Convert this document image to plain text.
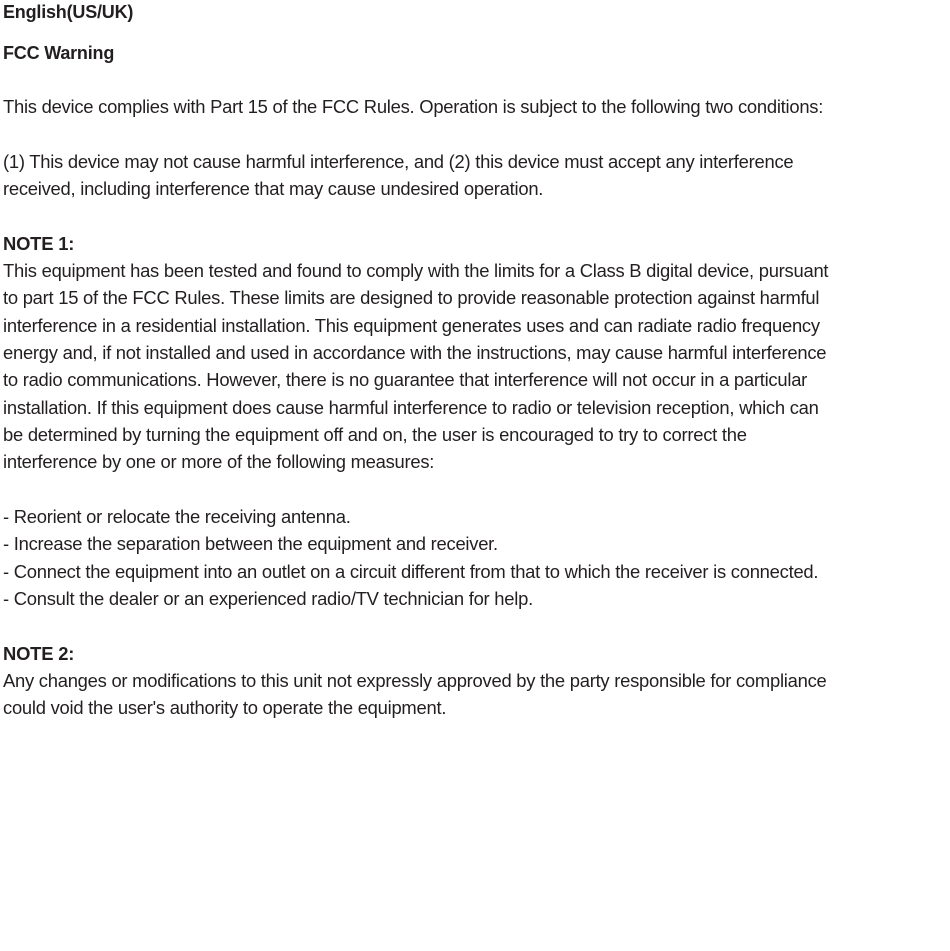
English(US/UK)
FCC Warning
This device complies with Part 15 of the FCC Rules. Operation is subject to the following two conditions:
(1) This device may not cause harmful interference, and (2) this device must accept any interference
received, including interference that may cause undesired operation.
NOTE 1:
This equipment has been tested and found to comply with the limits for a Class B digital device, pursuant
to part 15 of the FCC Rules. These limits are designed to provide reasonable protection against harmful
interference in a residential installation. This equipment generates uses and can radiate radio frequency
energy and, if not installed and used in accordance with the instructions, may cause harmful interference
to radio communications. However, there is no guarantee that interference will not occur in a particular
installation. If this equipment does cause harmful interference to radio or television reception, which can
be determined by turning the equipment off and on, the user is encouraged to try to correct the
interference by one or more of the following measures:
- Reorient or relocate the receiving antenna.
- Increase the separation between the equipment and receiver.
- Connect the equipment into an outlet on a circuit different from that to which the receiver is connected.
- Consult the dealer or an experienced radio/TV technician for help.
NOTE 2:
Any changes or modifications to this unit not expressly approved by the party responsible for compliance
could void the user's authority to operate the equipment.
